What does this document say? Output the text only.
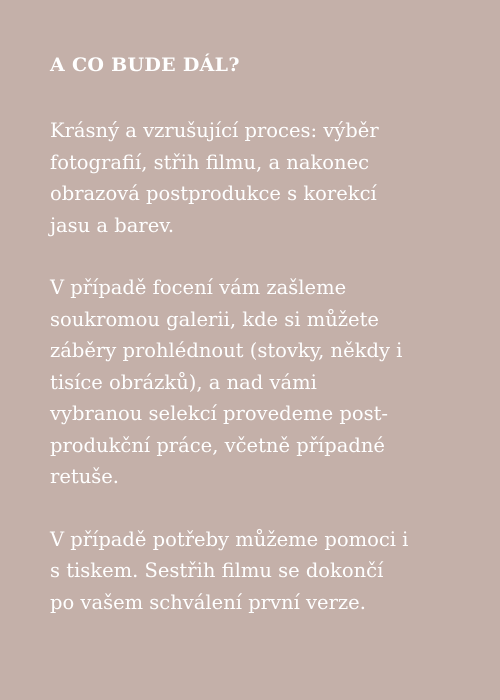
A CO BUDE DÁL?

Krásný a vzrušující proces: výběr
fotografií, střih filmu, a nakonec
obrazová postprodukce s korekcí
jasu a barev.

V případě focení vám zašleme
soukromou galerii, kde si můžete
záběry prohlédnout (stovky, někdy i
tisíce obrázků), a nad vámi
vybranou selekcí provedeme post-
produkční práce, včetně případné
retuše.

V případě potřeby můžeme pomoci i
s tiskem. Sestřih filmu se dokončí
po vašem schválení první verze.
